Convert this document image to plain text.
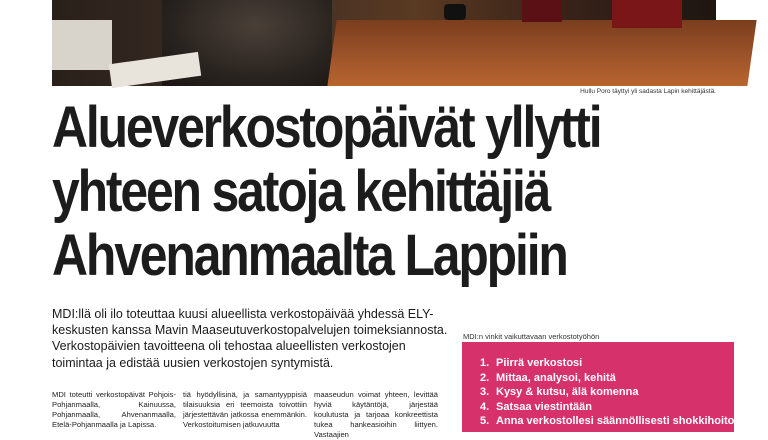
Hullu Poro täyttyi yli sadasta Lapin kehittäjästä.
Alueverkostopäivät yllytti
yhteen satoja kehittäjiä
Ahvenanmaalta Lappiin

MDI:llä oli ilo toteuttaa kuusi alueellista verkostopäivää yhdessä ELY-keskusten kanssa Mavin Maaseutuverkostopalvelujen toimeksiannosta. Verkostopäivien tavoitteena oli tehostaa alueellisten verkostojen toimintaa ja edistää uusien verkostojen syntymistä.

MDI toteutti verkostopäivät Pohjois-Pohjanmaalla, Kainuussa, Pohjanmaalla, Ahvenanmaalla, Etelä-Pohjanmaalla ja Lapissa.
tiä hyödyllisinä, ja samantyyppisiä tilaisuuksia eri teemoista toivottiin järjestettävän jatkossa enemmänkin. Verkostoitumisen jatkuvuutta
maaseudun voimat yhteen, levittää hyviä käytäntöjä, järjestää koulutusta ja tarjoaa konkreettista tukea hankeasioihin liittyen. Vastaajien
MDI:n vinkit vaikuttavaan verkostotyöhön
1. Piirrä verkostosi
2. Mittaa, analysoi, kehitä
3. Kysy & kutsu, älä komenna
4. Satsaa viestintään
5. Anna verkostollesi säännöllisesti shokkihoitoa
